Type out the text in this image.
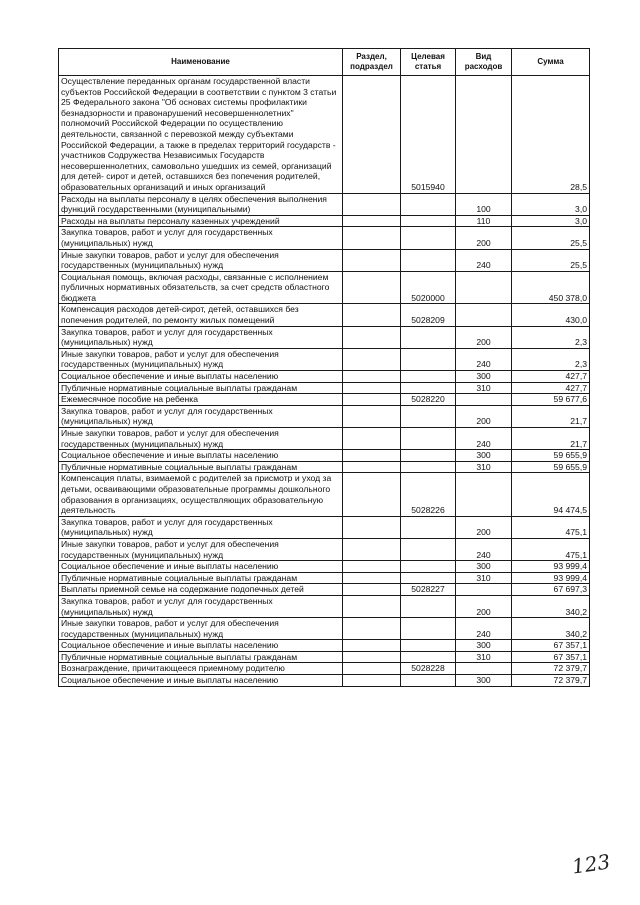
Наименование	Раздел, подраздел	Целевая статья	Вид расходов	Сумма
Осуществление переданных органам государственной власти субъектов Российской Федерации в соответствии с пунктом 3 статьи 25 Федерального закона "Об основах системы профилактики безнадзорности и правонарушений несовершеннолетних" полномочий Российской Федерации по осуществлению деятельности, связанной с перевозкой между субъектами Российской Федерации, а также в пределах территорий государств - участников Содружества Независимых Государств несовершеннолетних, самовольно ушедших из семей, организаций для детей- сирот и детей, оставшихся без попечения родителей, образовательных организаций и иных организаций		5015940		28,5
Расходы на выплаты персоналу в целях обеспечения выполнения функций государственными (муниципальными)			100	3,0
Расходы на выплаты персоналу казенных учреждений			110	3,0
Закупка товаров, работ и услуг для государственных (муниципальных) нужд			200	25,5
Иные закупки товаров, работ и услуг для обеспечения государственных (муниципальных) нужд			240	25,5
Социальная помощь, включая расходы, связанные с исполнением публичных нормативных обязательств, за счет средств областного бюджета		5020000		450 378,0
Компенсация расходов детей-сирот, детей, оставшихся без попечения родителей, по ремонту жилых помещений		5028209		430,0
Закупка товаров, работ и услуг для государственных (муниципальных) нужд			200	2,3
Иные закупки товаров, работ и услуг для обеспечения государственных (муниципальных) нужд			240	2,3
Социальное обеспечение и иные выплаты населению			300	427,7
Публичные нормативные социальные выплаты гражданам			310	427,7
Ежемесячное пособие на ребенка		5028220		59 677,6
Закупка товаров, работ и услуг для государственных (муниципальных) нужд			200	21,7
Иные закупки товаров, работ и услуг для обеспечения государственных (муниципальных) нужд			240	21,7
Социальное обеспечение и иные выплаты населению			300	59 655,9
Публичные нормативные социальные выплаты гражданам			310	59 655,9
Компенсация платы, взимаемой с родителей за присмотр и уход за детьми, осваивающими образовательные программы дошкольного образования в организациях, осуществляющих образовательную деятельность		5028226		94 474,5
Закупка товаров, работ и услуг для государственных (муниципальных) нужд			200	475,1
Иные закупки товаров, работ и услуг для обеспечения государственных (муниципальных) нужд			240	475,1
Социальное обеспечение и иные выплаты населению			300	93 999,4
Публичные нормативные социальные выплаты гражданам			310	93 999,4
Выплаты приемной семье на содержание подопечных детей		5028227		67 697,3
Закупка товаров, работ и услуг для государственных (муниципальных) нужд			200	340,2
Иные закупки товаров, работ и услуг для обеспечения государственных (муниципальных) нужд			240	340,2
Социальное обеспечение и иные выплаты населению			300	67 357,1
Публичные нормативные социальные выплаты гражданам			310	67 357,1
Вознаграждение, причитающееся приемному родителю		5028228		72 379,7
Социальное обеспечение и иные выплаты населению			300	72 379,7
123
